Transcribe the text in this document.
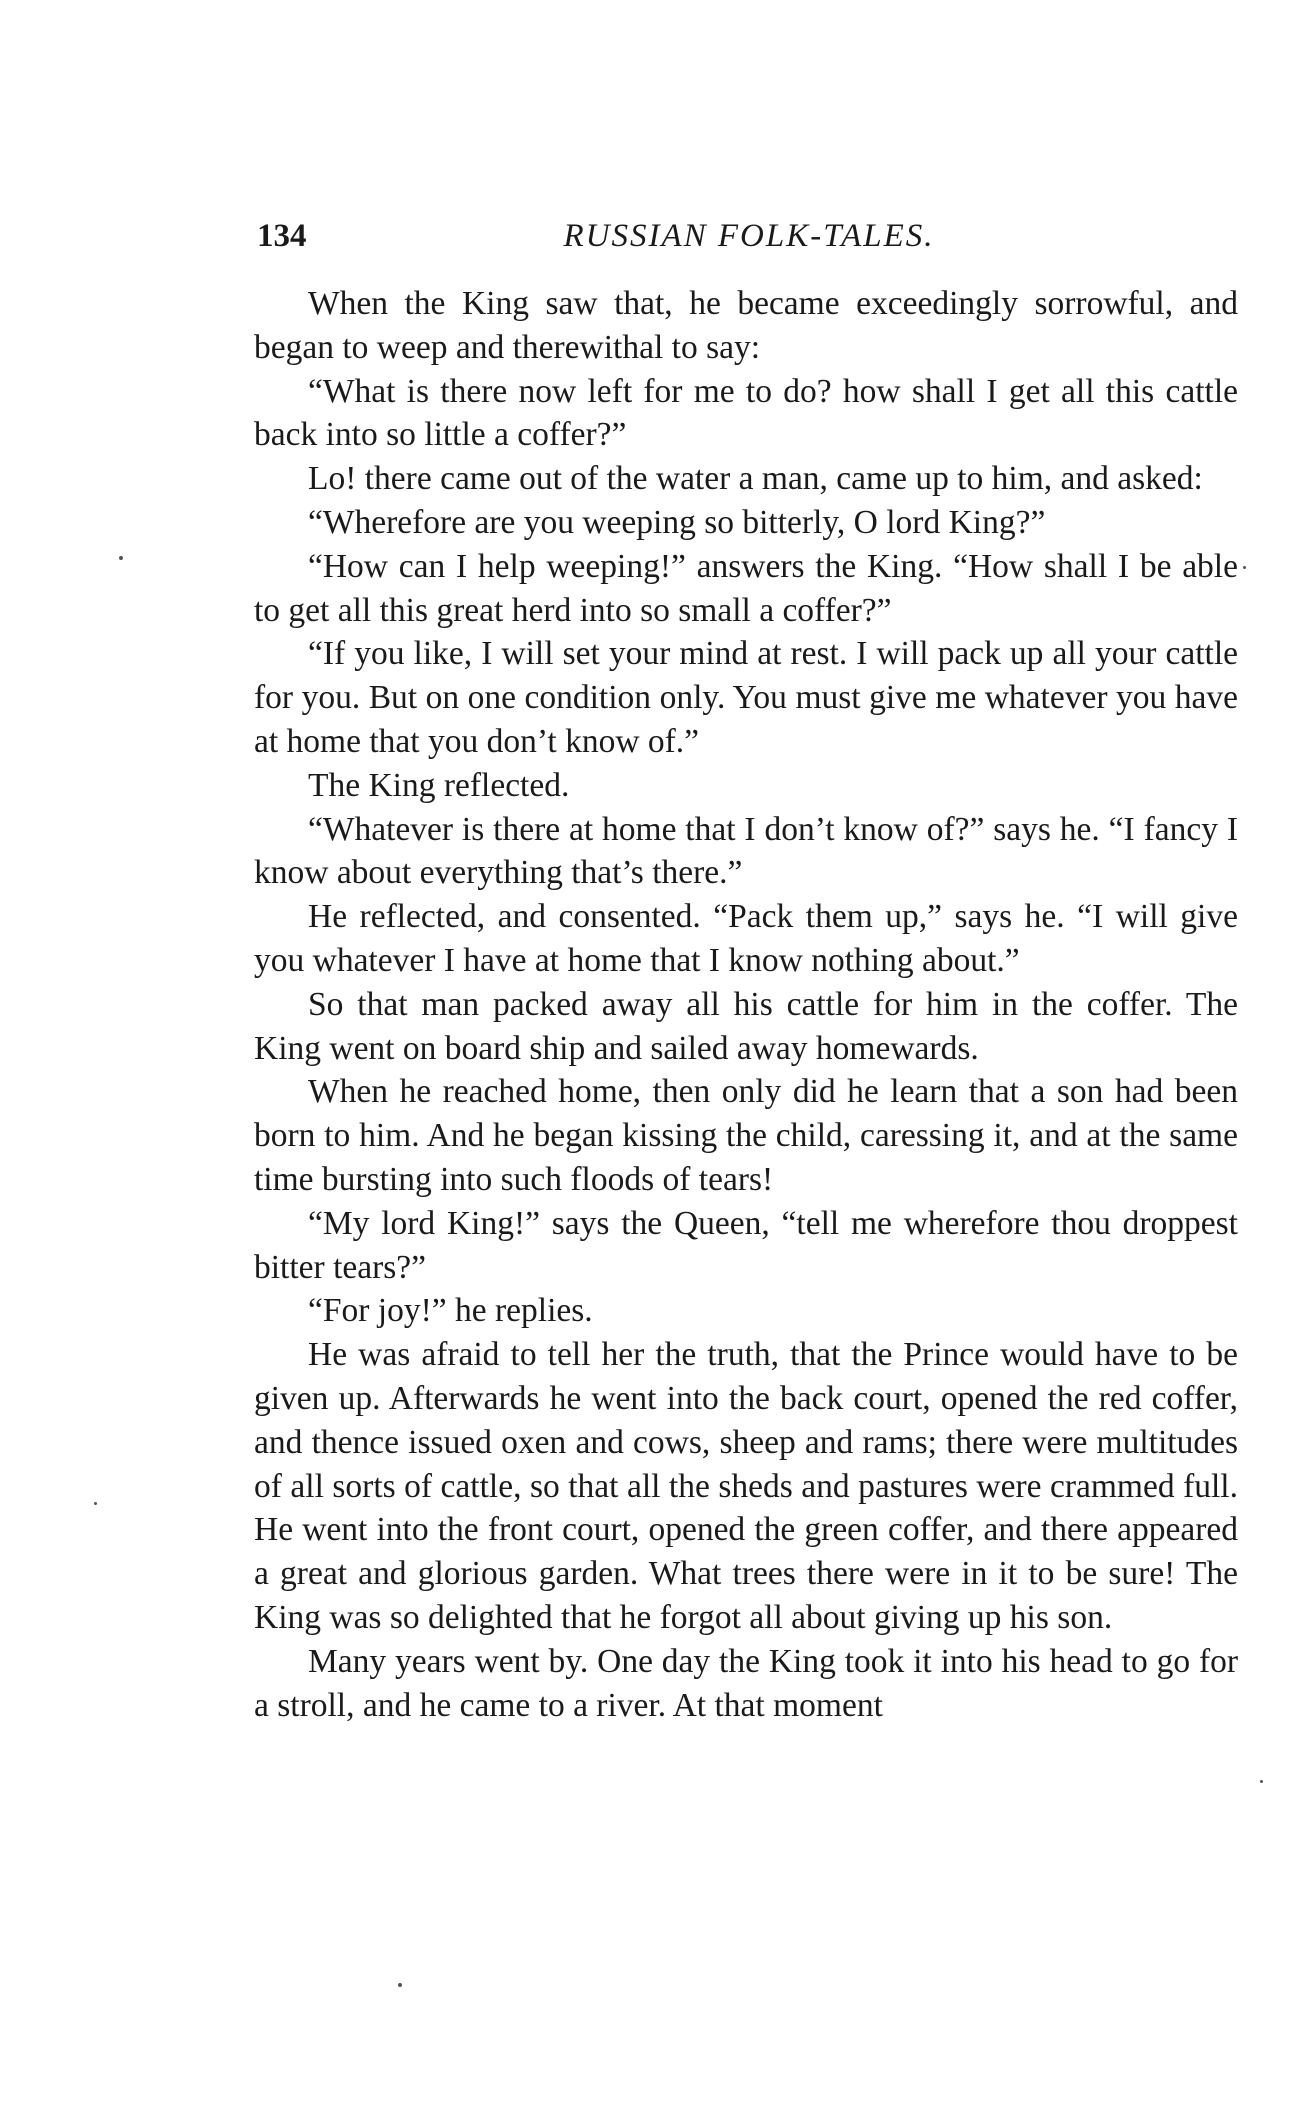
134	RUSSIAN FOLK-TALES.

When the King saw that, he became exceedingly sorrowful, and began to weep and therewithal to say:

“What is there now left for me to do? how shall I get all this cattle back into so little a coffer?”

Lo! there came out of the water a man, came up to him, and asked:

“Wherefore are you weeping so bitterly, O lord King?”

“How can I help weeping!” answers the King. “How shall I be able to get all this great herd into so small a coffer?”

“If you like, I will set your mind at rest. I will pack up all your cattle for you. But on one condition only. You must give me whatever you have at home that you don’t know of.”

The King reflected.

“Whatever is there at home that I don’t know of?” says he. “I fancy I know about everything that’s there.”

He reflected, and consented. “Pack them up,” says he. “I will give you whatever I have at home that I know nothing about.”

So that man packed away all his cattle for him in the coffer. The King went on board ship and sailed away homewards.

When he reached home, then only did he learn that a son had been born to him. And he began kissing the child, caressing it, and at the same time bursting into such floods of tears!

“My lord King!” says the Queen, “tell me wherefore thou droppest bitter tears?”

“For joy!” he replies.

He was afraid to tell her the truth, that the Prince would have to be given up. Afterwards he went into the back court, opened the red coffer, and thence issued oxen and cows, sheep and rams; there were multitudes of all sorts of cattle, so that all the sheds and pastures were crammed full. He went into the front court, opened the green coffer, and there appeared a great and glorious garden. What trees there were in it to be sure! The King was so delighted that he forgot all about giving up his son.

Many years went by. One day the King took it into his head to go for a stroll, and he came to a river. At that moment
